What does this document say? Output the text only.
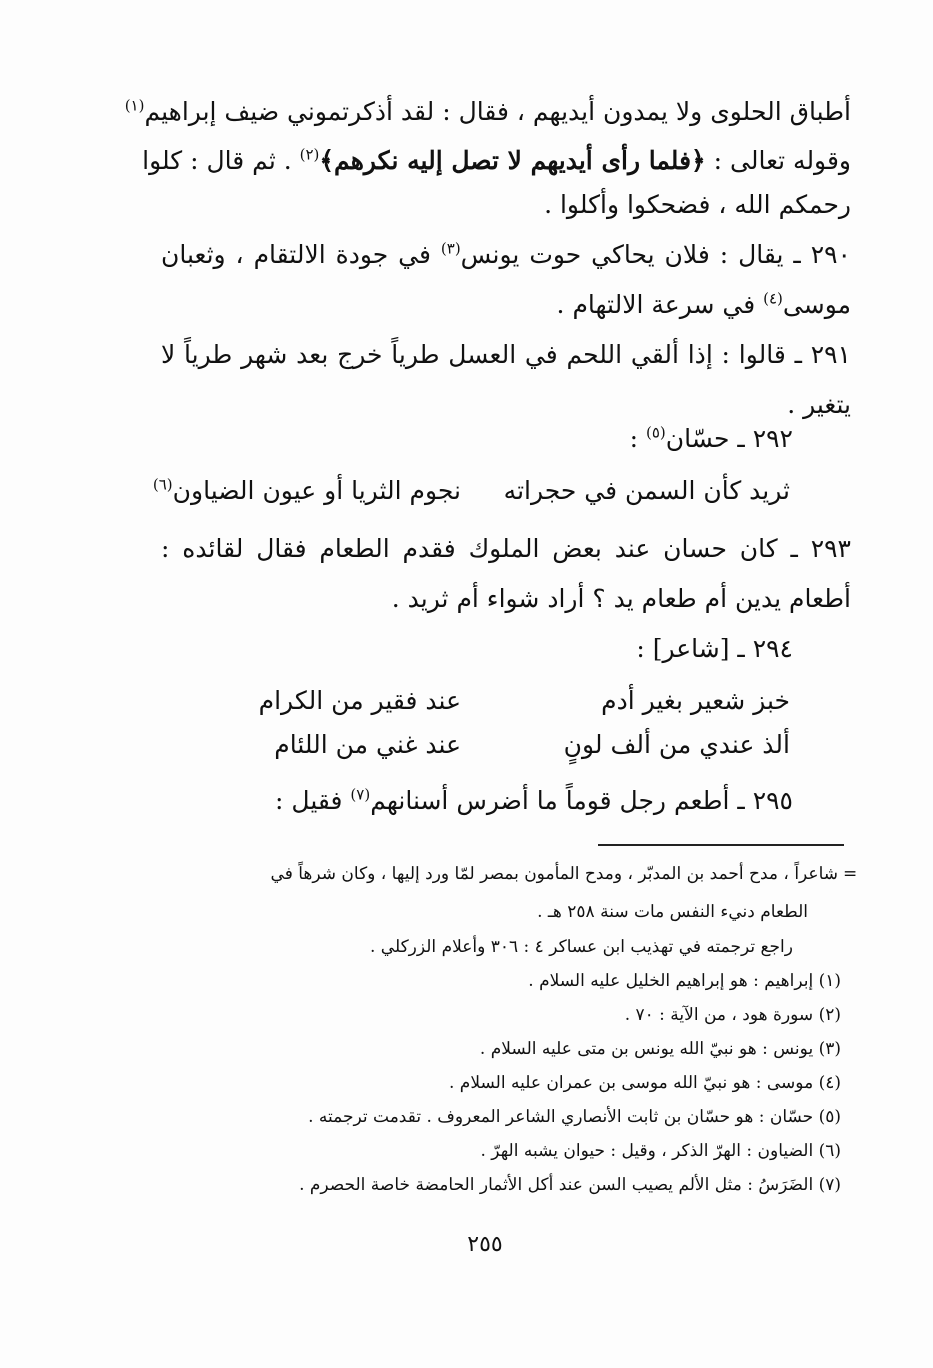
أطباق الحلوى ولا يمدون أيديهم ، فقال : لقد أذكرتموني ضيف إبراهيم$^{(١)}$
وقوله تعالى : ﴿فلما رأى أيديهم لا تصل إليه نكرهم﴾$^{(٢)}$ . ثم قال : كلوا
رحمكم الله ، فضحكوا وأكلوا .
٢٩٠ ـ يقال : فلان يحاكي حوت يونس$^{(٣)}$ في جودة الالتقام ، وثعبان موسى$^{(٤)}$ في سرعة الالتهام .
٢٩١ ـ قالوا : إذا ألقي اللحم في العسل طرياً خرج بعد شهر طرياً لا يتغير .
٢٩٢ ـ حسّان$^{(٥)}$ :
ثريد كأن السمن في حجراته
نجوم الثريا أو عيون الضياون$^{(٦)}$
٢٩٣ ـ كان حسان عند بعض الملوك فقدم الطعام فقال لقائده : أطعام يدين أم طعام يد ؟ أراد شواء أم ثريد .
٢٩٤ ـ [شاعر] :
خبز شعير بغير أدم
عند فقير من الكرام
ألذ عندي من ألف لونٍ
عند غني من اللئام
٢٩٥ ـ أطعم رجل قوماً ما أضرس أسنانهم$^{(٧)}$ فقيل :
=
شاعراً ، مدح أحمد بن المدبّر ، ومدح المأمون بمصر لمّا ورد إليها ، وكان شرهاً في
الطعام دنيء النفس مات سنة ٢٥٨ هـ .
راجع ترجمته في تهذيب ابن عساكر ٤ : ٣٠٦ وأعلام الزركلي .
(١) إبراهيم : هو إبراهيم الخليل عليه السلام .
(٢) سورة هود ، من الآية : ٧٠ .
(٣) يونس : هو نبيّ الله يونس بن متى عليه السلام .
(٤) موسى : هو نبيّ الله موسى بن عمران عليه السلام .
(٥) حسّان : هو حسّان بن ثابت الأنصاري الشاعر المعروف . تقدمت ترجمته .
(٦) الضياون : الهرّ الذكر ، وقيل : حيوان يشبه الهرّ .
(٧) الضَرَسُ : مثل الألم يصيب السن عند أكل الأثمار الحامضة خاصة الحصرم .
٢٥٥
